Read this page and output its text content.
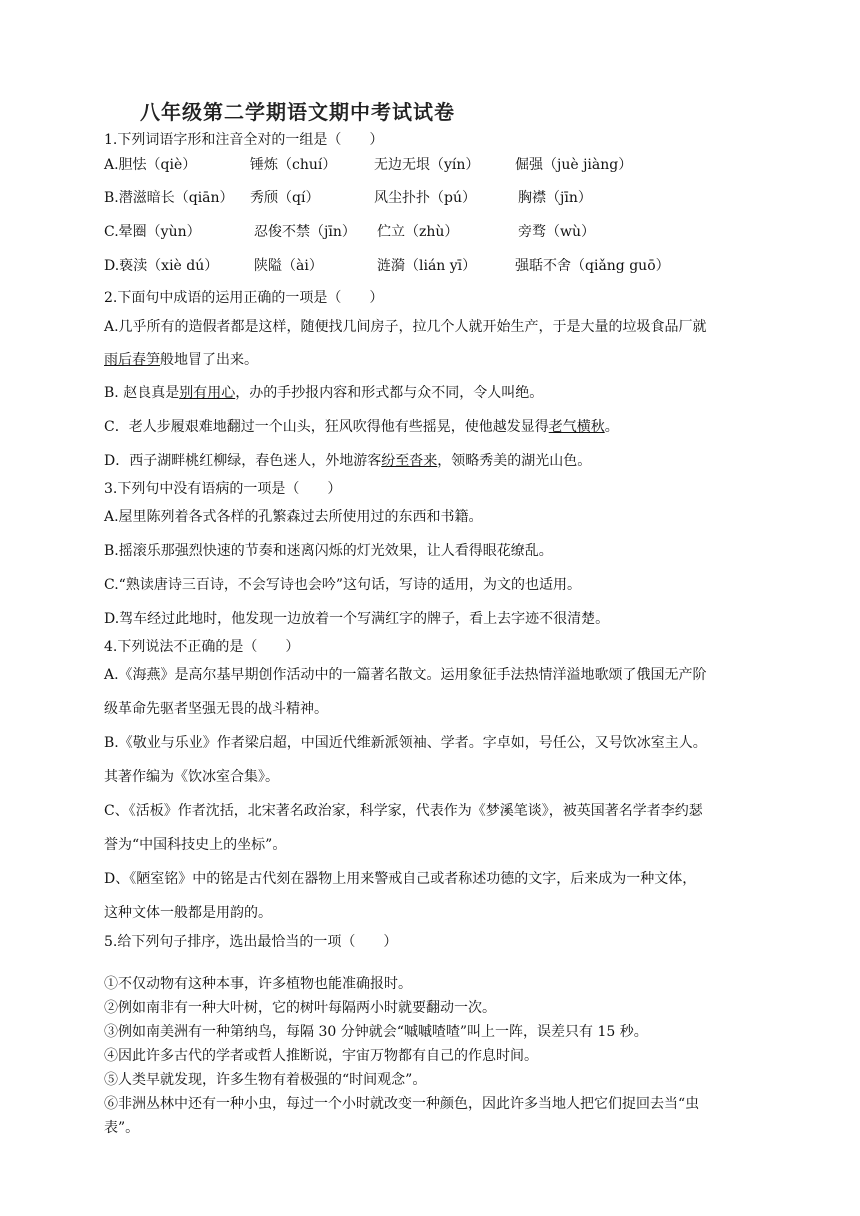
八年级第二学期语文期中考试试卷
1.下列词语字形和注音全对的一组是（　　）
A.胆怯（qiè）	锤炼（chuí）	无边无垠（yín）	倔强（juè jiàng）
B.潜滋暗长（qiān） 秀颀（qí）	风尘扑扑（pú）	胸襟（jīn）
C.晕圈（yùn）	忍俊不禁（jīn） 伫立（zhù）	旁骛（wù）
D.亵渎（xiè dú）	陕隘（ài）	涟漪（lián yī）	强聒不舍（qiǎng guō）
2.下面句中成语的运用正确的一项是（　　）
A.几乎所有的造假者都是这样，随便找几间房子，拉几个人就开始生产，于是大量的垃圾食品厂就
雨后春笋般地冒了出来。
B. 赵良真是别有用心，办的手抄报内容和形式都与众不同，令人叫绝。
C．老人步履艰难地翻过一个山头，狂风吹得他有些摇晃，使他越发显得老气横秋。
D．西子湖畔桃红柳绿，春色迷人，外地游客纷至沓来，领略秀美的湖光山色。
3.下列句中没有语病的一项是（　　）
A.屋里陈列着各式各样的孔繁森过去所使用过的东西和书籍。
B.摇滚乐那强烈快速的节奏和迷离闪烁的灯光效果，让人看得眼花缭乱。
C.“熟读唐诗三百诗，不会写诗也会吟”这句话，写诗的适用，为文的也适用。
D.驾车经过此地时，他发现一边放着一个写满红字的牌子，看上去字迹不很清楚。
4.下列说法不正确的是（　　）
A.《海燕》是高尔基早期创作活动中的一篇著名散文。运用象征手法热情洋溢地歌颂了俄国无产阶
级革命先驱者坚强无畏的战斗精神。
B.《敬业与乐业》作者梁启超，中国近代维新派领袖、学者。字卓如，号任公，又号饮冰室主人。
其著作编为《饮冰室合集》。
C、《活板》作者沈括，北宋著名政治家，科学家，代表作为《梦溪笔谈》，被英国著名学者李约瑟
誉为“中国科技史上的坐标”。
D、《陋室铭》中的铭是古代刻在器物上用来警戒自己或者称述功德的文字，后来成为一种文体，
这种文体一般都是用韵的。
5.给下列句子排序，选出最恰当的一项（　　）
①不仅动物有这种本事，许多植物也能准确报时。
②例如南非有一种大叶树，它的树叶每隔两小时就要翻动一次。
③例如南美洲有一种第纳鸟，每隔 30 分钟就会“嘁嘁喳喳”叫上一阵，误差只有 15 秒。
④因此许多古代的学者或哲人推断说，宇宙万物都有自己的作息时间。
⑤人类早就发现，许多生物有着极强的“时间观念”。
⑥非洲丛林中还有一种小虫，每过一个小时就改变一种颜色，因此许多当地人把它们捉回去当“虫
表”。
